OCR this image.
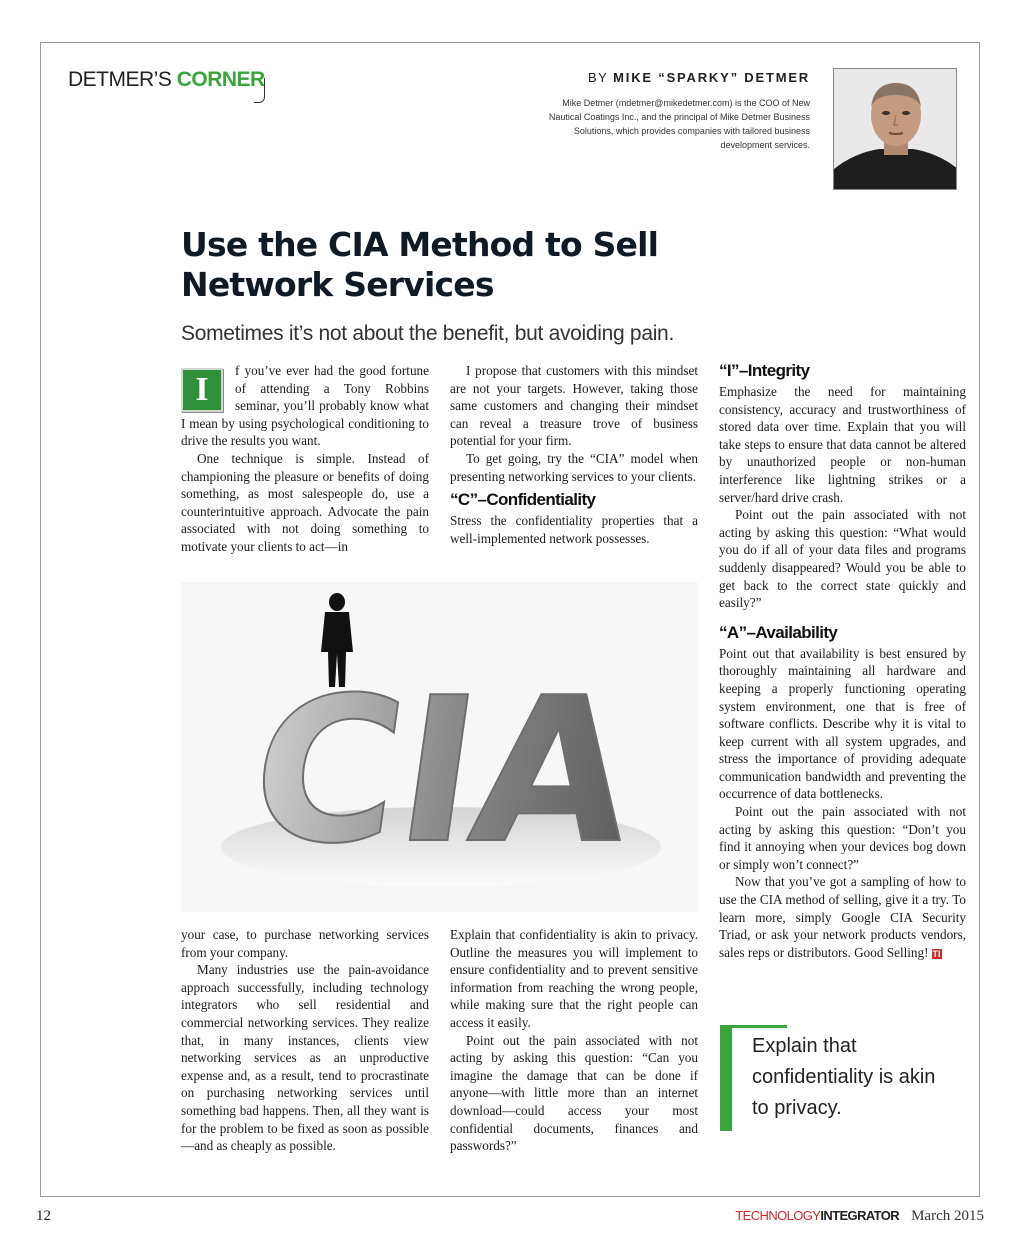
DETMER’S CORNER	BY MIKE “SPARKY” DETMER
Mike Detmer (mdetmer@mikedetmer.com) is the COO of New Nautical Coatings Inc., and the principal of Mike Detmer Business Solutions, which provides companies with tailored business development services.
Use the CIA Method to Sell Network Services
Sometimes it’s not about the benefit, but avoiding pain.
I

f you’ve ever had the good fortune of attending a Tony Robbins seminar, you’ll probably know what I mean by using psychological conditioning to drive the results you want.

One technique is simple. Instead of championing the pleasure or benefits of doing something, as most salespeople do, use a counterintuitive approach. Advocate the pain associated with not doing something to motivate your clients to act—in

I propose that customers with this mindset are not your targets. However, taking those same customers and changing their mindset can reveal a treasure trove of business potential for your firm.

To get going, try the “CIA” model when presenting networking services to your clients.

“C”–Confidentiality

Stress the confidentiality properties that a well-implemented network possesses.

CIA

your case, to purchase networking services from your company.

Many industries use the pain-avoidance approach successfully, including technology integrators who sell residential and commercial networking services. They realize that, in many instances, clients view networking services as an unproductive expense and, as a result, tend to procrastinate on purchasing networking services until something bad happens. Then, all they want is for the problem to be fixed as soon as possible—and as cheaply as possible.

Explain that confidentiality is akin to privacy. Outline the measures you will implement to ensure confidentiality and to prevent sensitive information from reaching the wrong people, while making sure that the right people can access it easily.

Point out the pain associated with not acting by asking this question: “Can you imagine the damage that can be done if anyone—with little more than an internet download—could access your most confidential documents, finances and passwords?”

“I”–Integrity

Emphasize the need for maintaining consistency, accuracy and trustworthiness of stored data over time. Explain that you will take steps to ensure that data cannot be altered by unauthorized people or non-human interference like lightning strikes or a server/hard drive crash.

Point out the pain associated with not acting by asking this question: “What would you do if all of your data files and programs suddenly disappeared? Would you be able to get back to the correct state quickly and easily?”

“A”–Availability

Point out that availability is best ensured by thoroughly maintaining all hardware and keeping a properly functioning operating system environment, one that is free of software conflicts. Describe why it is vital to keep current with all system upgrades, and stress the importance of providing adequate communication bandwidth and preventing the occurrence of data bottlenecks.

Point out the pain associated with not acting by asking this question: “Don’t you find it annoying when your devices bog down or simply won’t connect?”

Now that you’ve got a sampling of how to use the CIA method of selling, give it a try. To learn more, simply Google CIA Security Triad, or ask your network products vendors, sales reps or distributors. Good Selling! TI

Explain that confidentiality is akin to privacy.
12	TECHNOLOGYINTEGRATOR March 2015
